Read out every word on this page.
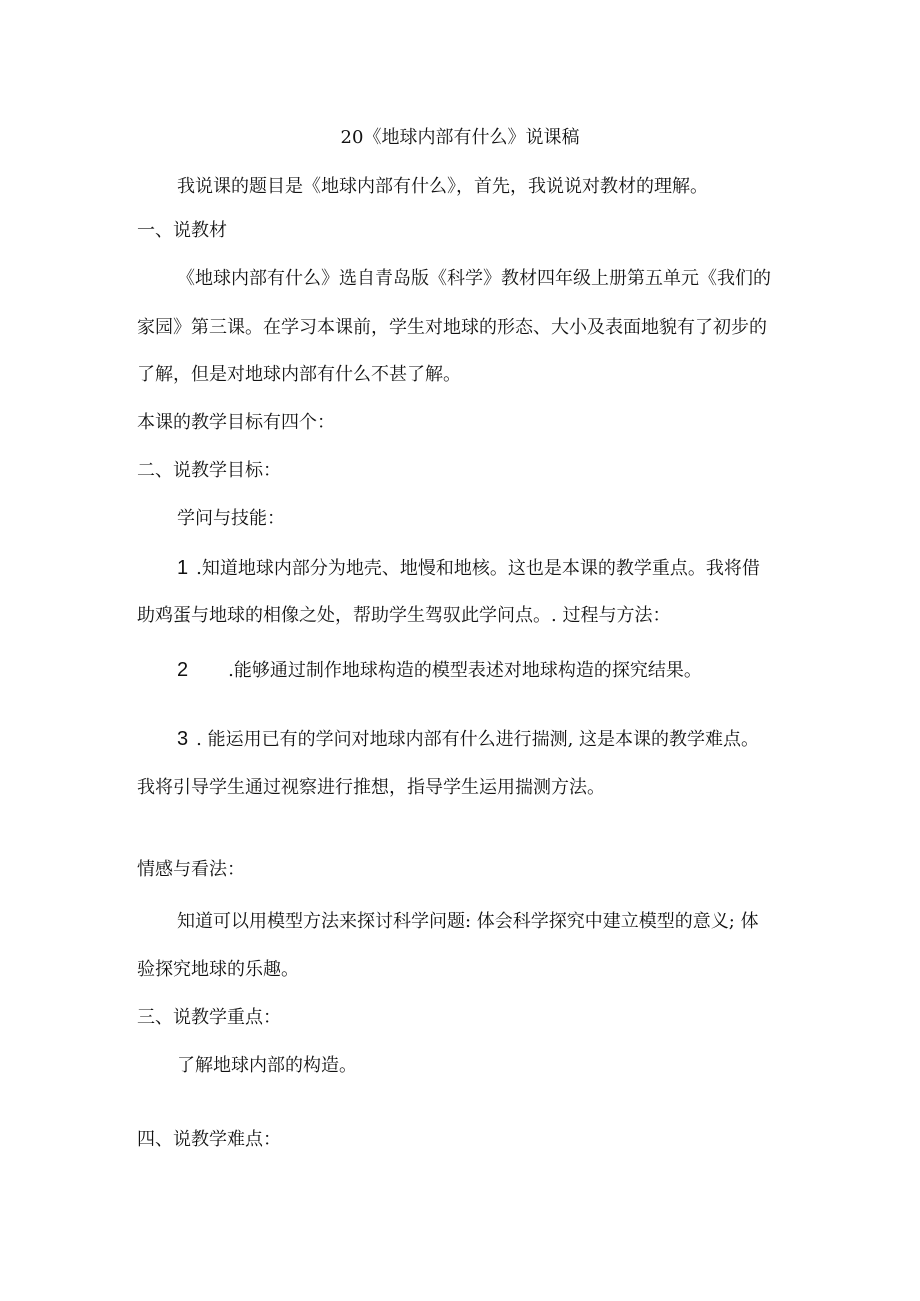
20《地球内部有什么》说课稿
我说课的题目是《地球内部有什么》，首先，我说说对教材的理解。
一、说教材
《地球内部有什么》选自青岛版《科学》教材四年级上册第五单元《我们的
家园》第三课。在学习本课前，学生对地球的形态、大小及表面地貌有了初步的
了解，但是对地球内部有什么不甚了解。
本课的教学目标有四个：
二、说教学目标：
学问与技能：
1 .知道地球内部分为地壳、地慢和地核。这也是本课的教学重点。我将借
助鸡蛋与地球的相像之处，帮助学生驾驭此学问点。. 过程与方法：
2 .能够通过制作地球构造的模型表述对地球构造的探究结果。
3 . 能运用已有的学问对地球内部有什么进行揣测, 这是本课的教学难点。
我将引导学生通过视察进行推想，指导学生运用揣测方法。
情感与看法：
知道可以用模型方法来探讨科学问题: 体会科学探究中建立模型的意义; 体
验探究地球的乐趣。
三、说教学重点：
了解地球内部的构造。
四、说教学难点：
